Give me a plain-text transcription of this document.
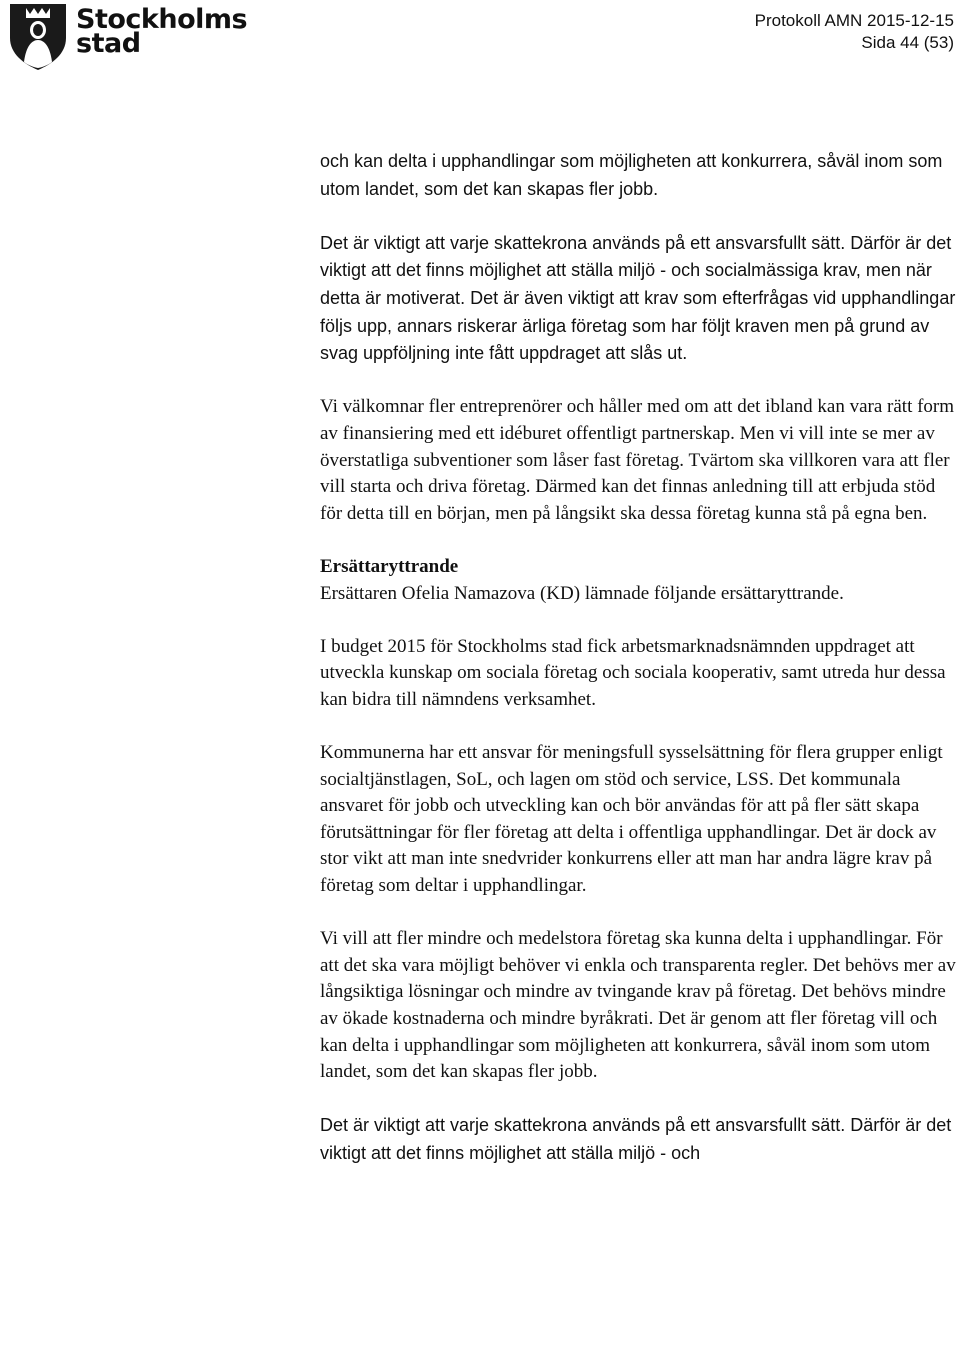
Stockholms
stad
Protokoll AMN 2015-12-15
Sida 44 (53)

och kan delta i upphandlingar som möjligheten att konkurrera, såväl inom som utom landet, som det kan skapas fler jobb.

Det är viktigt att varje skattekrona används på ett ansvarsfullt sätt. Därför är det viktigt att det finns möjlighet att ställa miljö - och socialmässiga krav, men när detta är motiverat. Det är även viktigt att krav som efterfrågas vid upphandlingar följs upp, annars riskerar ärliga företag som har följt kraven men på grund av svag uppföljning inte fått uppdraget att slås ut.

Vi välkomnar fler entreprenörer och håller med om att det ibland kan vara rätt form av finansiering med ett idéburet offentligt partnerskap. Men vi vill inte se mer av överstatliga subventioner som låser fast företag. Tvärtom ska villkoren vara att fler vill starta och driva företag. Därmed kan det finnas anledning till att erbjuda stöd för detta till en början, men på långsikt ska dessa företag kunna stå på egna ben.

Ersättaryttrande

Ersättaren Ofelia Namazova (KD) lämnade följande ersättaryttrande.

I budget 2015 för Stockholms stad fick arbetsmarknadsnämnden uppdraget att utveckla kunskap om sociala företag och sociala kooperativ, samt utreda hur dessa kan bidra till nämndens verksamhet.

Kommunerna har ett ansvar för meningsfull sysselsättning för flera grupper enligt socialtjänstlagen, SoL, och lagen om stöd och service, LSS. Det kommunala ansvaret för jobb och utveckling kan och bör användas för att på fler sätt skapa förutsättningar för fler företag att delta i offentliga upphandlingar. Det är dock av stor vikt att man inte snedvrider konkurrens eller att man har andra lägre krav på företag som deltar i upphandlingar.

Vi vill att fler mindre och medelstora företag ska kunna delta i upphandlingar. För att det ska vara möjligt behöver vi enkla och transparenta regler. Det behövs mer av långsiktiga lösningar och mindre av tvingande krav på företag. Det behövs mindre av ökade kostnaderna och mindre byråkrati. Det är genom att fler företag vill och kan delta i upphandlingar som möjligheten att konkurrera, såväl inom som utom landet, som det kan skapas fler jobb.

Det är viktigt att varje skattekrona används på ett ansvarsfullt sätt. Därför är det viktigt att det finns möjlighet att ställa miljö - och
